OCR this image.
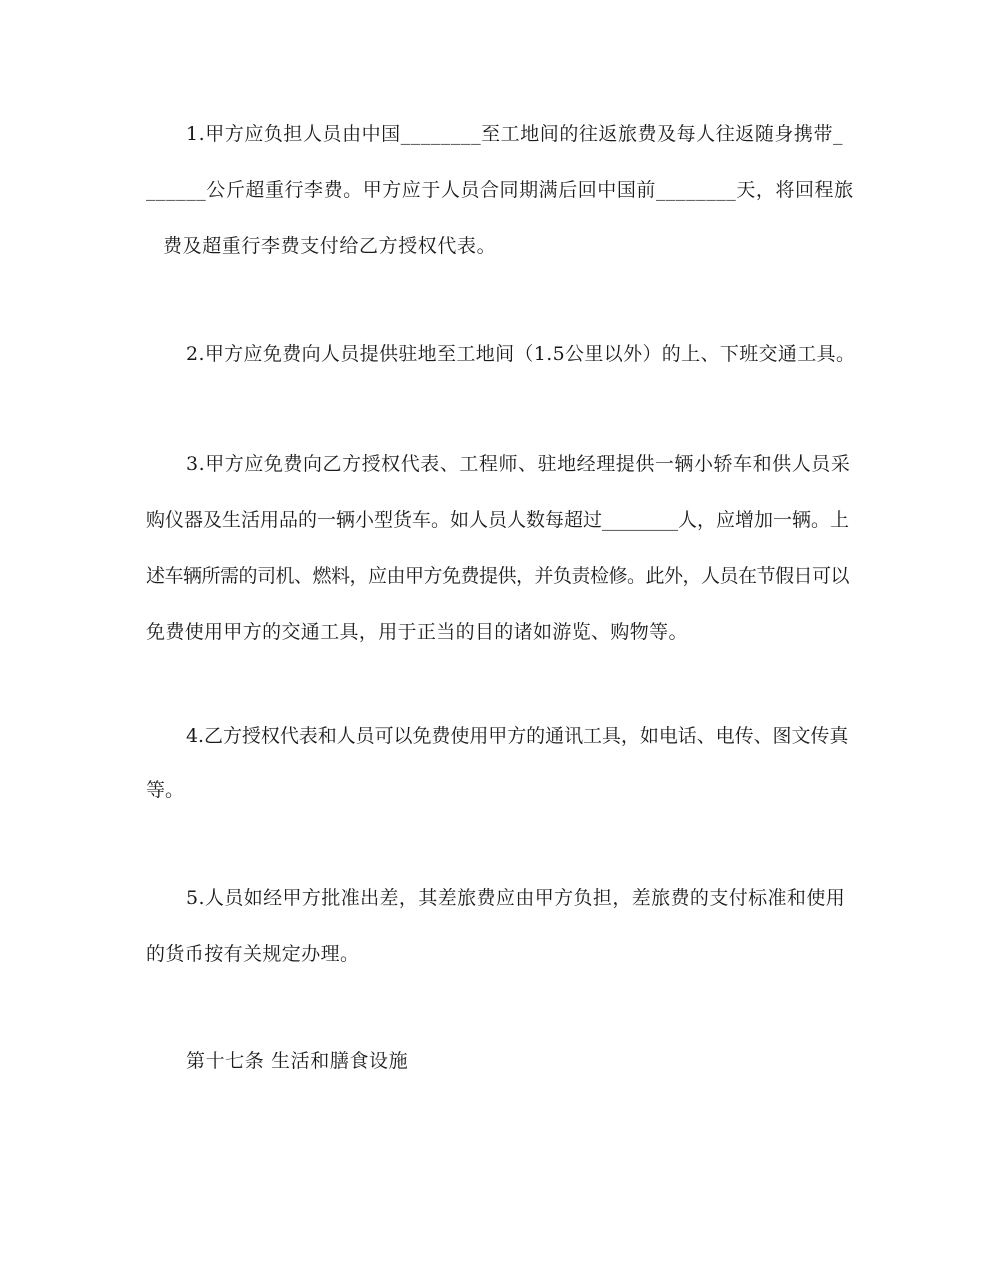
1.甲方应负担人员由中国________至工地间的往返旅费及每人往返随身携带_
______公斤超重行李费。甲方应于人员合同期满后回中国前________天，将回程旅
费及超重行李费支付给乙方授权代表。
2.甲方应免费向人员提供驻地至工地间（1.5公里以外）的上、下班交通工具。
3.甲方应免费向乙方授权代表、工程师、驻地经理提供一辆小轿车和供人员采
购仪器及生活用品的一辆小型货车。如人员人数每超过________人，应增加一辆。上
述车辆所需的司机、燃料，应由甲方免费提供，并负责检修。此外，人员在节假日可以
免费使用甲方的交通工具，用于正当的目的诸如游览、购物等。
4.乙方授权代表和人员可以免费使用甲方的通讯工具，如电话、电传、图文传真
等。
5.人员如经甲方批准出差，其差旅费应由甲方负担，差旅费的支付标准和使用
的货币按有关规定办理。
第十七条 生活和膳食设施
